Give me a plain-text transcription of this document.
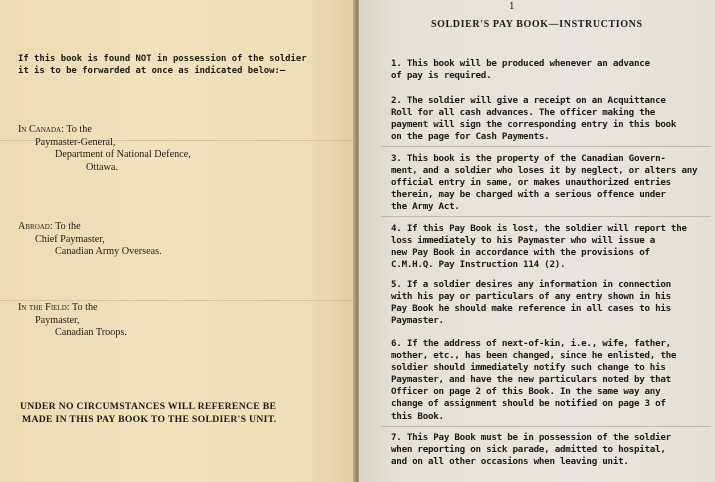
If this book is found NOT in possession of the soldier
it is to be forwarded at once as indicated below:—
In Canada: To the
Paymaster-General,
Department of National Defence,
Ottawa.
Abroad: To the
Chief Paymaster,
Canadian Army Overseas.
In the Field: To the
Paymaster,
Canadian Troops.
UNDER NO CIRCUMSTANCES WILL REFERENCE BE
MADE IN THIS PAY BOOK TO THE SOLDIER'S UNIT.
1
SOLDIER'S PAY BOOK—INSTRUCTIONS
1. This book will be produced whenever an advance
of pay is required.
2. The soldier will give a receipt on an Acquittance
Roll for all cash advances. The officer making the
payment will sign the corresponding entry in this book
on the page for Cash Payments.
3. This book is the property of the Canadian Govern-
ment, and a soldier who loses it by neglect, or alters any
official entry in same, or makes unauthorized entries
therein, may be charged with a serious offence under
the Army Act.
4. If this Pay Book is lost, the soldier will report the
loss immediately to his Paymaster who will issue a
new Pay Book in accordance with the provisions of
C.M.H.Q. Pay Instruction 114 (2).
5. If a soldier desires any information in connection
with his pay or particulars of any entry shown in his
Pay Book he should make reference in all cases to his
Paymaster.
6. If the address of next-of-kin, i.e., wife, father,
mother, etc., has been changed, since he enlisted, the
soldier should immediately notify such change to his
Paymaster, and have the new particulars noted by that
Officer on page 2 of this Book. In the same way any
change of assignment should be notified on page 3 of
this Book.
7. This Pay Book must be in possession of the soldier
when reporting on sick parade, admitted to hospital,
and on all other occasions when leaving unit.
